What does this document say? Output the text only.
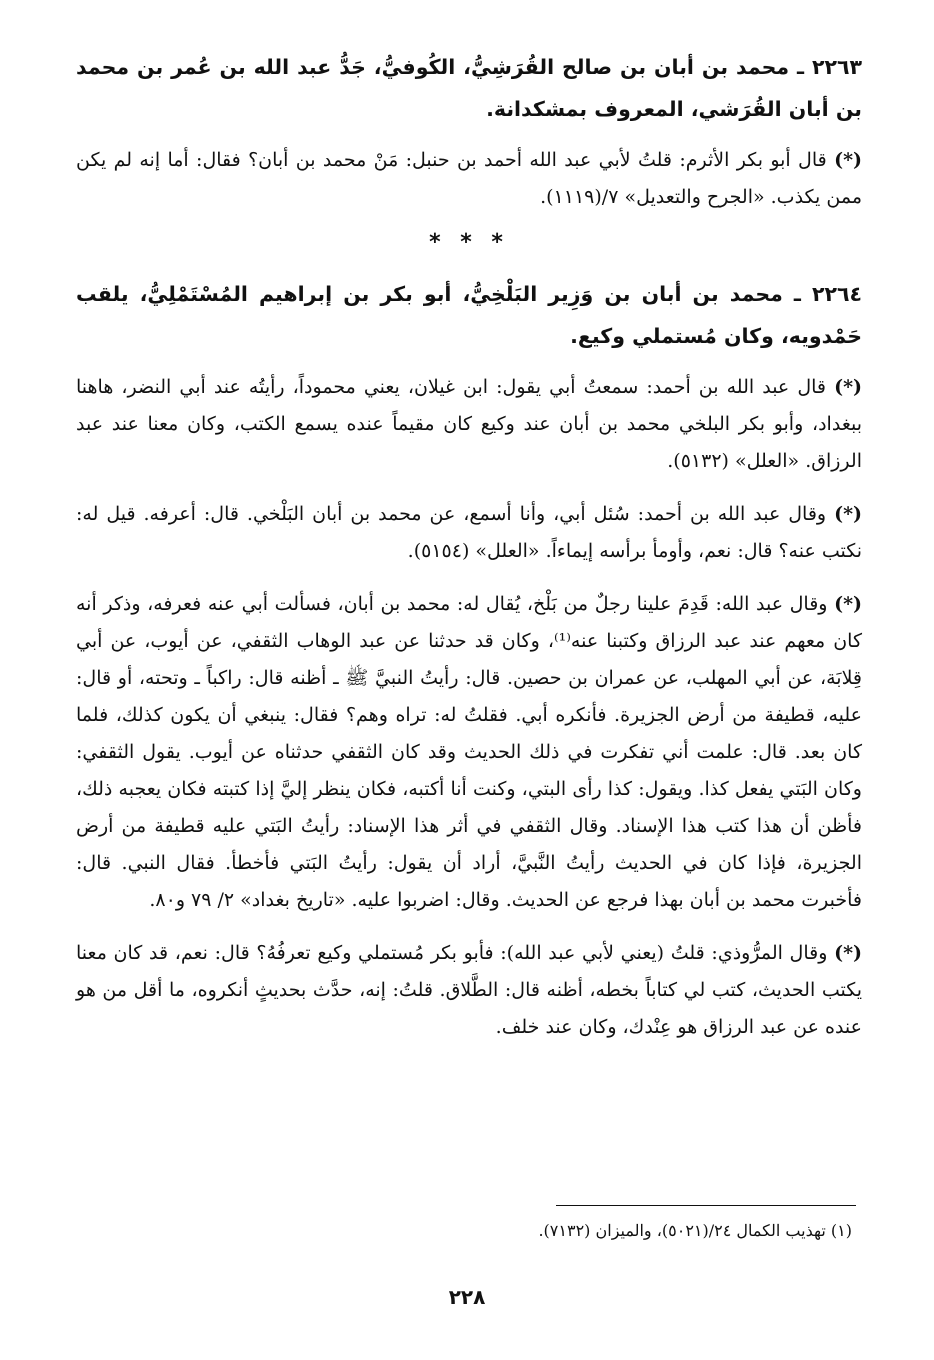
٢٢٦٣ ـ محمد بن أبان بن صالح القُرَشِيُّ، الكُوفيُّ، جَدُّ عبد الله بن عُمر بن محمد بن أبان القُرَشي، المعروف بمشكدانة.

(*) قال أبو بكر الأثرم: قلتُ لأبي عبد الله أحمد بن حنبل: مَنْ محمد بن أبان؟ فقال: أما إنه لم يكن ممن يكذب. «الجرح والتعديل» ٧/(١١١٩).

* * *

٢٢٦٤ ـ محمد بن أبان بن وَزِير البَلْخِيُّ، أبو بكر بن إبراهيم المُسْتَمْلِيُّ، يلقب حَمْدويه، وكان مُستملي وكيع.

(*) قال عبد الله بن أحمد: سمعتُ أبي يقول: ابن غيلان، يعني محموداً، رأيتُه عند أبي النضر، هاهنا ببغداد، وأبو بكر البلخي محمد بن أبان عند وكيع كان مقيماً عنده يسمع الكتب، وكان معنا عند عبد الرزاق. «العلل» (٥١٣٢).

(*) وقال عبد الله بن أحمد: سُئل أبي، وأنا أسمع، عن محمد بن أبان البَلْخي. قال: أعرفه. قيل له: نكتب عنه؟ قال: نعم، وأومأ برأسه إيماءاً. «العلل» (٥١٥٤).

(*) وقال عبد الله: قَدِمَ علينا رجلٌ من بَلْخ، يُقال له: محمد بن أبان، فسألت أبي عنه فعرفه، وذكر أنه كان معهم عند عبد الرزاق وكتبنا عنه⁽¹⁾، وكان قد حدثنا عن عبد الوهاب الثقفي، عن أيوب، عن أبي قِلابَة، عن أبي المهلب، عن عمران بن حصين. قال: رأيتُ النبيَّ ﷺ ـ أظنه قال: راكباً ـ وتحته، أو قال: عليه، قطيفة من أرض الجزيرة. فأنكره أبي. فقلتُ له: تراه وهم؟ فقال: ينبغي أن يكون كذلك، فلما كان بعد. قال: علمت أني تفكرت في ذلك الحديث وقد كان الثقفي حدثناه عن أيوب. يقول الثقفي: وكان البَتي يفعل كذا. ويقول: كذا رأى البتي، وكنت أنا أكتبه، فكان ينظر إليَّ إذا كتبته فكان يعجبه ذلك، فأظن أن هذا كتب هذا الإسناد. وقال الثقفي في أثر هذا الإسناد: رأيتُ البَتي عليه قطيفة من أرض الجزيرة، فإذا كان في الحديث رأيتُ النَّبيَّ، أراد أن يقول: رأيتُ البَتي فأخطأ. فقال النبي. قال: فأخبرت محمد بن أبان بهذا فرجع عن الحديث. وقال: اضربوا عليه. «تاريخ بغداد» ٢/ ٧٩ و٨٠.

(*) وقال المرُّوذي: قلتُ (يعني لأبي عبد الله): فأبو بكر مُستملي وكيع تعرفُهُ؟ قال: نعم، قد كان معنا يكتب الحديث، كتب لي كتاباً بخطه، أظنه قال: الطَّلاق. قلتُ: إنه، حدَّث بحديثٍ أنكروه، ما أقل من هو عنده عن عبد الرزاق هو عِنْدك، وكان عند خلف.

(١) تهذيب الكمال ٢٤/(٥٠٢١)، والميزان (٧١٣٢).
٢٢٨
